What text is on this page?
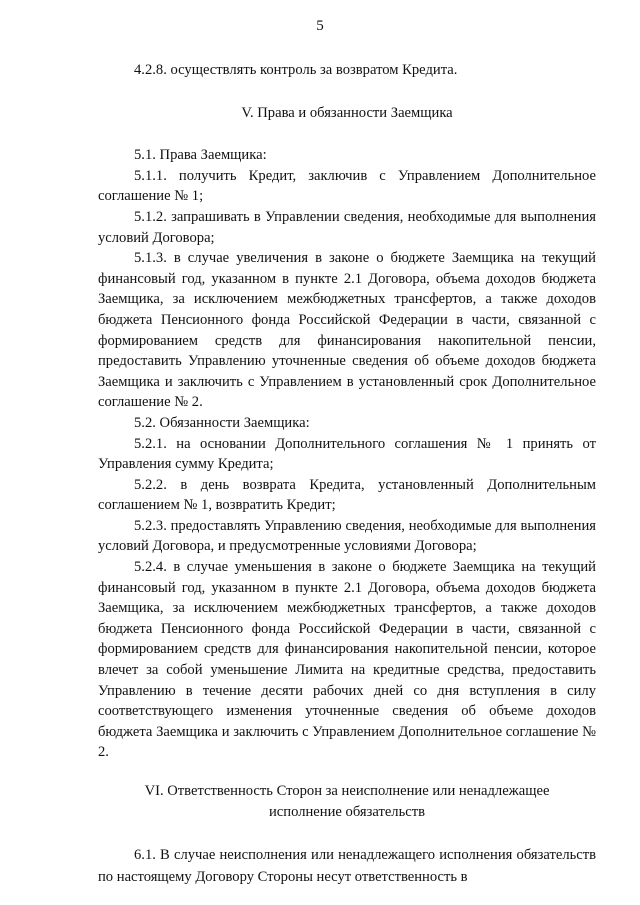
5

4.2.8. осуществлять контроль за возвратом Кредита.

V. Права и обязанности Заемщика

5.1. Права Заемщика:

5.1.1. получить Кредит, заключив с Управлением Дополнительное соглашение № 1;

5.1.2. запрашивать в Управлении сведения, необходимые для выполнения условий Договора;

5.1.3. в случае увеличения в законе о бюджете Заемщика на текущий финансовый год, указанном в пункте 2.1 Договора, объема доходов бюджета Заемщика, за исключением межбюджетных трансфертов, а также доходов бюджета Пенсионного фонда Российской Федерации в части, связанной с формированием средств для финансирования накопительной пенсии, предоставить Управлению уточненные сведения об объеме доходов бюджета Заемщика и заключить с Управлением в установленный срок Дополнительное соглашение № 2.

5.2. Обязанности Заемщика:

5.2.1. на основании Дополнительного соглашения № 1 принять от Управления сумму Кредита;

5.2.2. в день возврата Кредита, установленный Дополнительным соглашением № 1, возвратить Кредит;

5.2.3. предоставлять Управлению сведения, необходимые для выполнения условий Договора, и предусмотренные условиями Договора;

5.2.4. в случае уменьшения в законе о бюджете Заемщика на текущий финансовый год, указанном в пункте 2.1 Договора, объема доходов бюджета Заемщика, за исключением межбюджетных трансфертов, а также доходов бюджета Пенсионного фонда Российской Федерации в части, связанной с формированием средств для финансирования накопительной пенсии, которое влечет за собой уменьшение Лимита на кредитные средства, предоставить Управлению в течение десяти рабочих дней со дня вступления в силу соответствующего изменения уточненные сведения об объеме доходов бюджета Заемщика и заключить с Управлением Дополнительное соглашение № 2.

VI. Ответственность Сторон за неисполнение или ненадлежащее

исполнение обязательств

6.1. В случае неисполнения или ненадлежащего исполнения обязательств по настоящему Договору Стороны несут ответственность в
